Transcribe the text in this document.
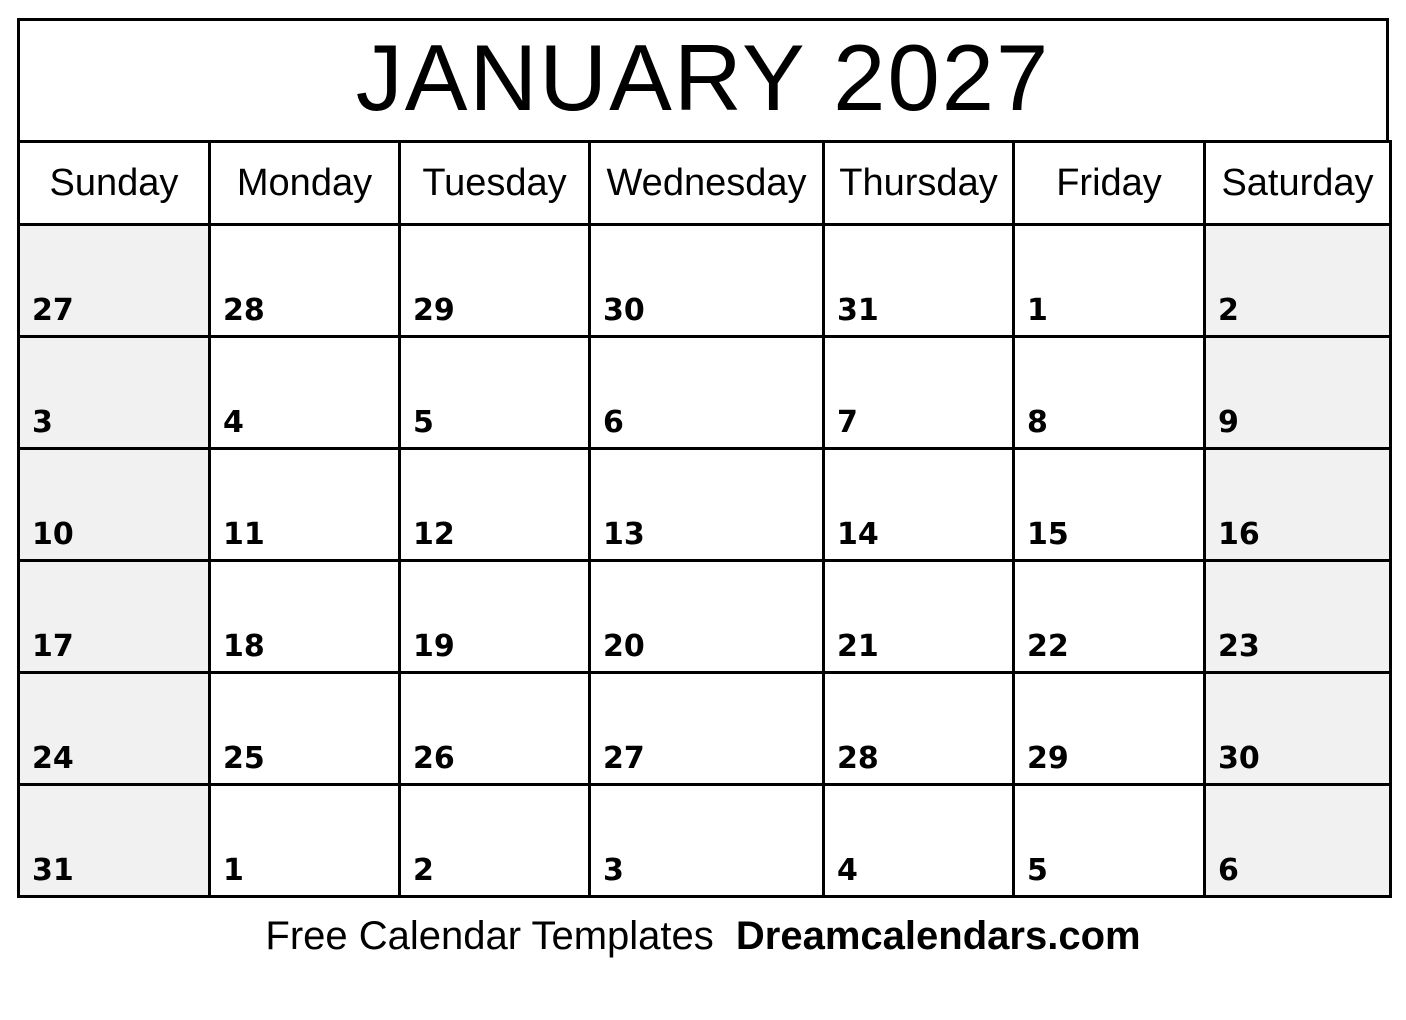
JANUARY 2027
Sunday	Monday	Tuesday	Wednesday	Thursday	Friday	Saturday

27	28	29	30	31	1	2

3	4	5	6	7	8	9

10	11	12	13	14	15	16

17	18	19	20	21	22	23

24	25	26	27	28	29	30

31	1	2	3	4	5	6
Free Calendar Templates Dreamcalendars.com
